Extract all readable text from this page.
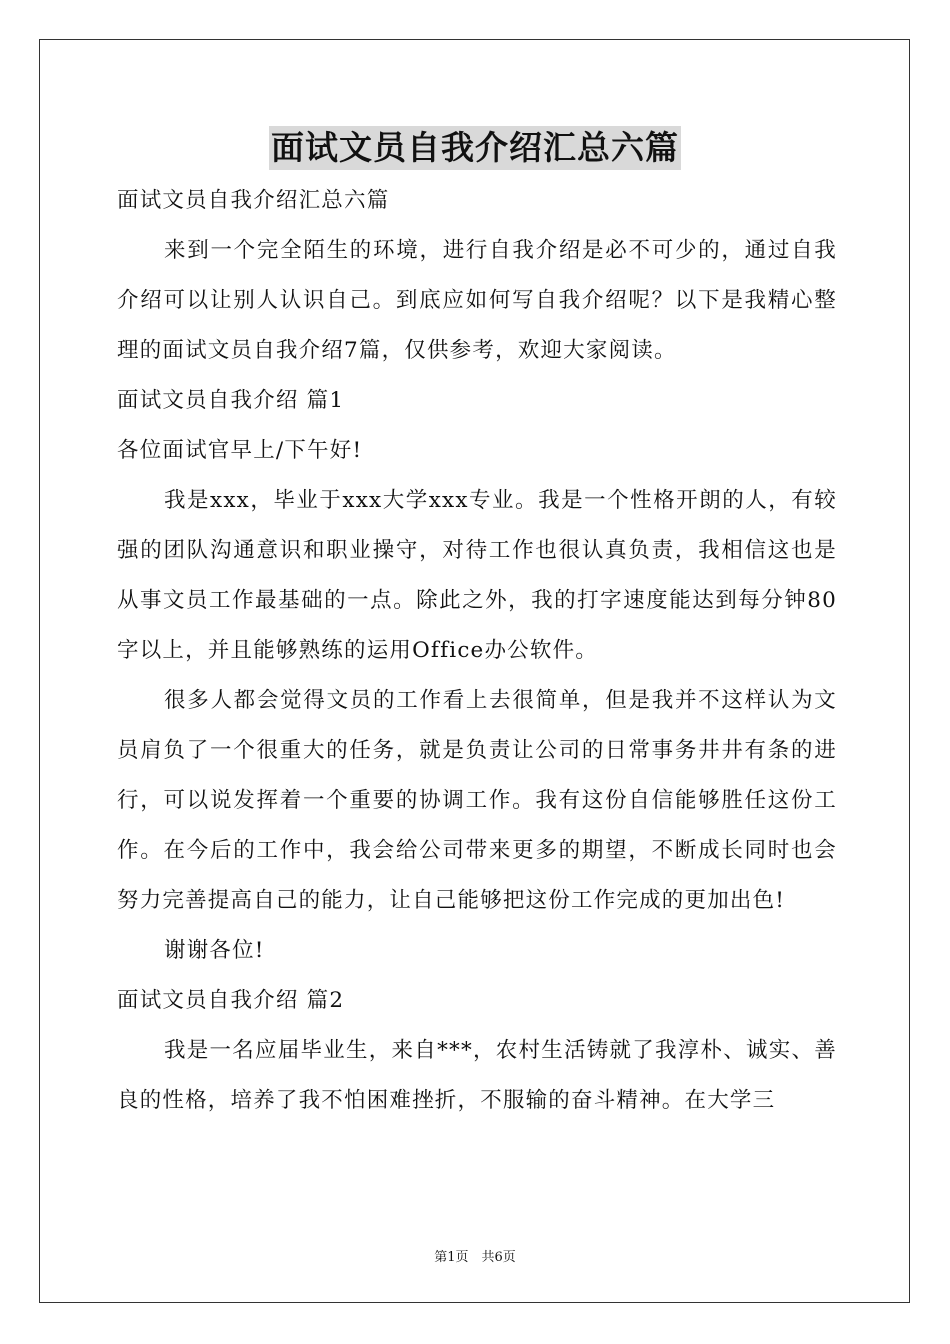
面试文员自我介绍汇总六篇

面试文员自我介绍汇总六篇

来到一个完全陌生的环境，进行自我介绍是必不可少的，通过自我介绍可以让别人认识自己。到底应如何写自我介绍呢？以下是我精心整理的面试文员自我介绍7篇，仅供参考，欢迎大家阅读。

面试文员自我介绍 篇1

各位面试官早上/下午好!

我是xxx，毕业于xxx大学xxx专业。我是一个性格开朗的人，有较强的团队沟通意识和职业操守，对待工作也很认真负责，我相信这也是从事文员工作最基础的一点。除此之外，我的打字速度能达到每分钟80字以上，并且能够熟练的运用Office办公软件。

很多人都会觉得文员的工作看上去很简单，但是我并不这样认为文员肩负了一个很重大的任务，就是负责让公司的日常事务井井有条的进行，可以说发挥着一个重要的协调工作。我有这份自信能够胜任这份工作。在今后的工作中，我会给公司带来更多的期望，不断成长同时也会努力完善提高自己的能力，让自己能够把这份工作完成的更加出色!

谢谢各位!

面试文员自我介绍 篇2

我是一名应届毕业生，来自***，农村生活铸就了我淳朴、诚实、善良的性格，培养了我不怕困难挫折，不服输的奋斗精神。在大学三

第1页　共6页
